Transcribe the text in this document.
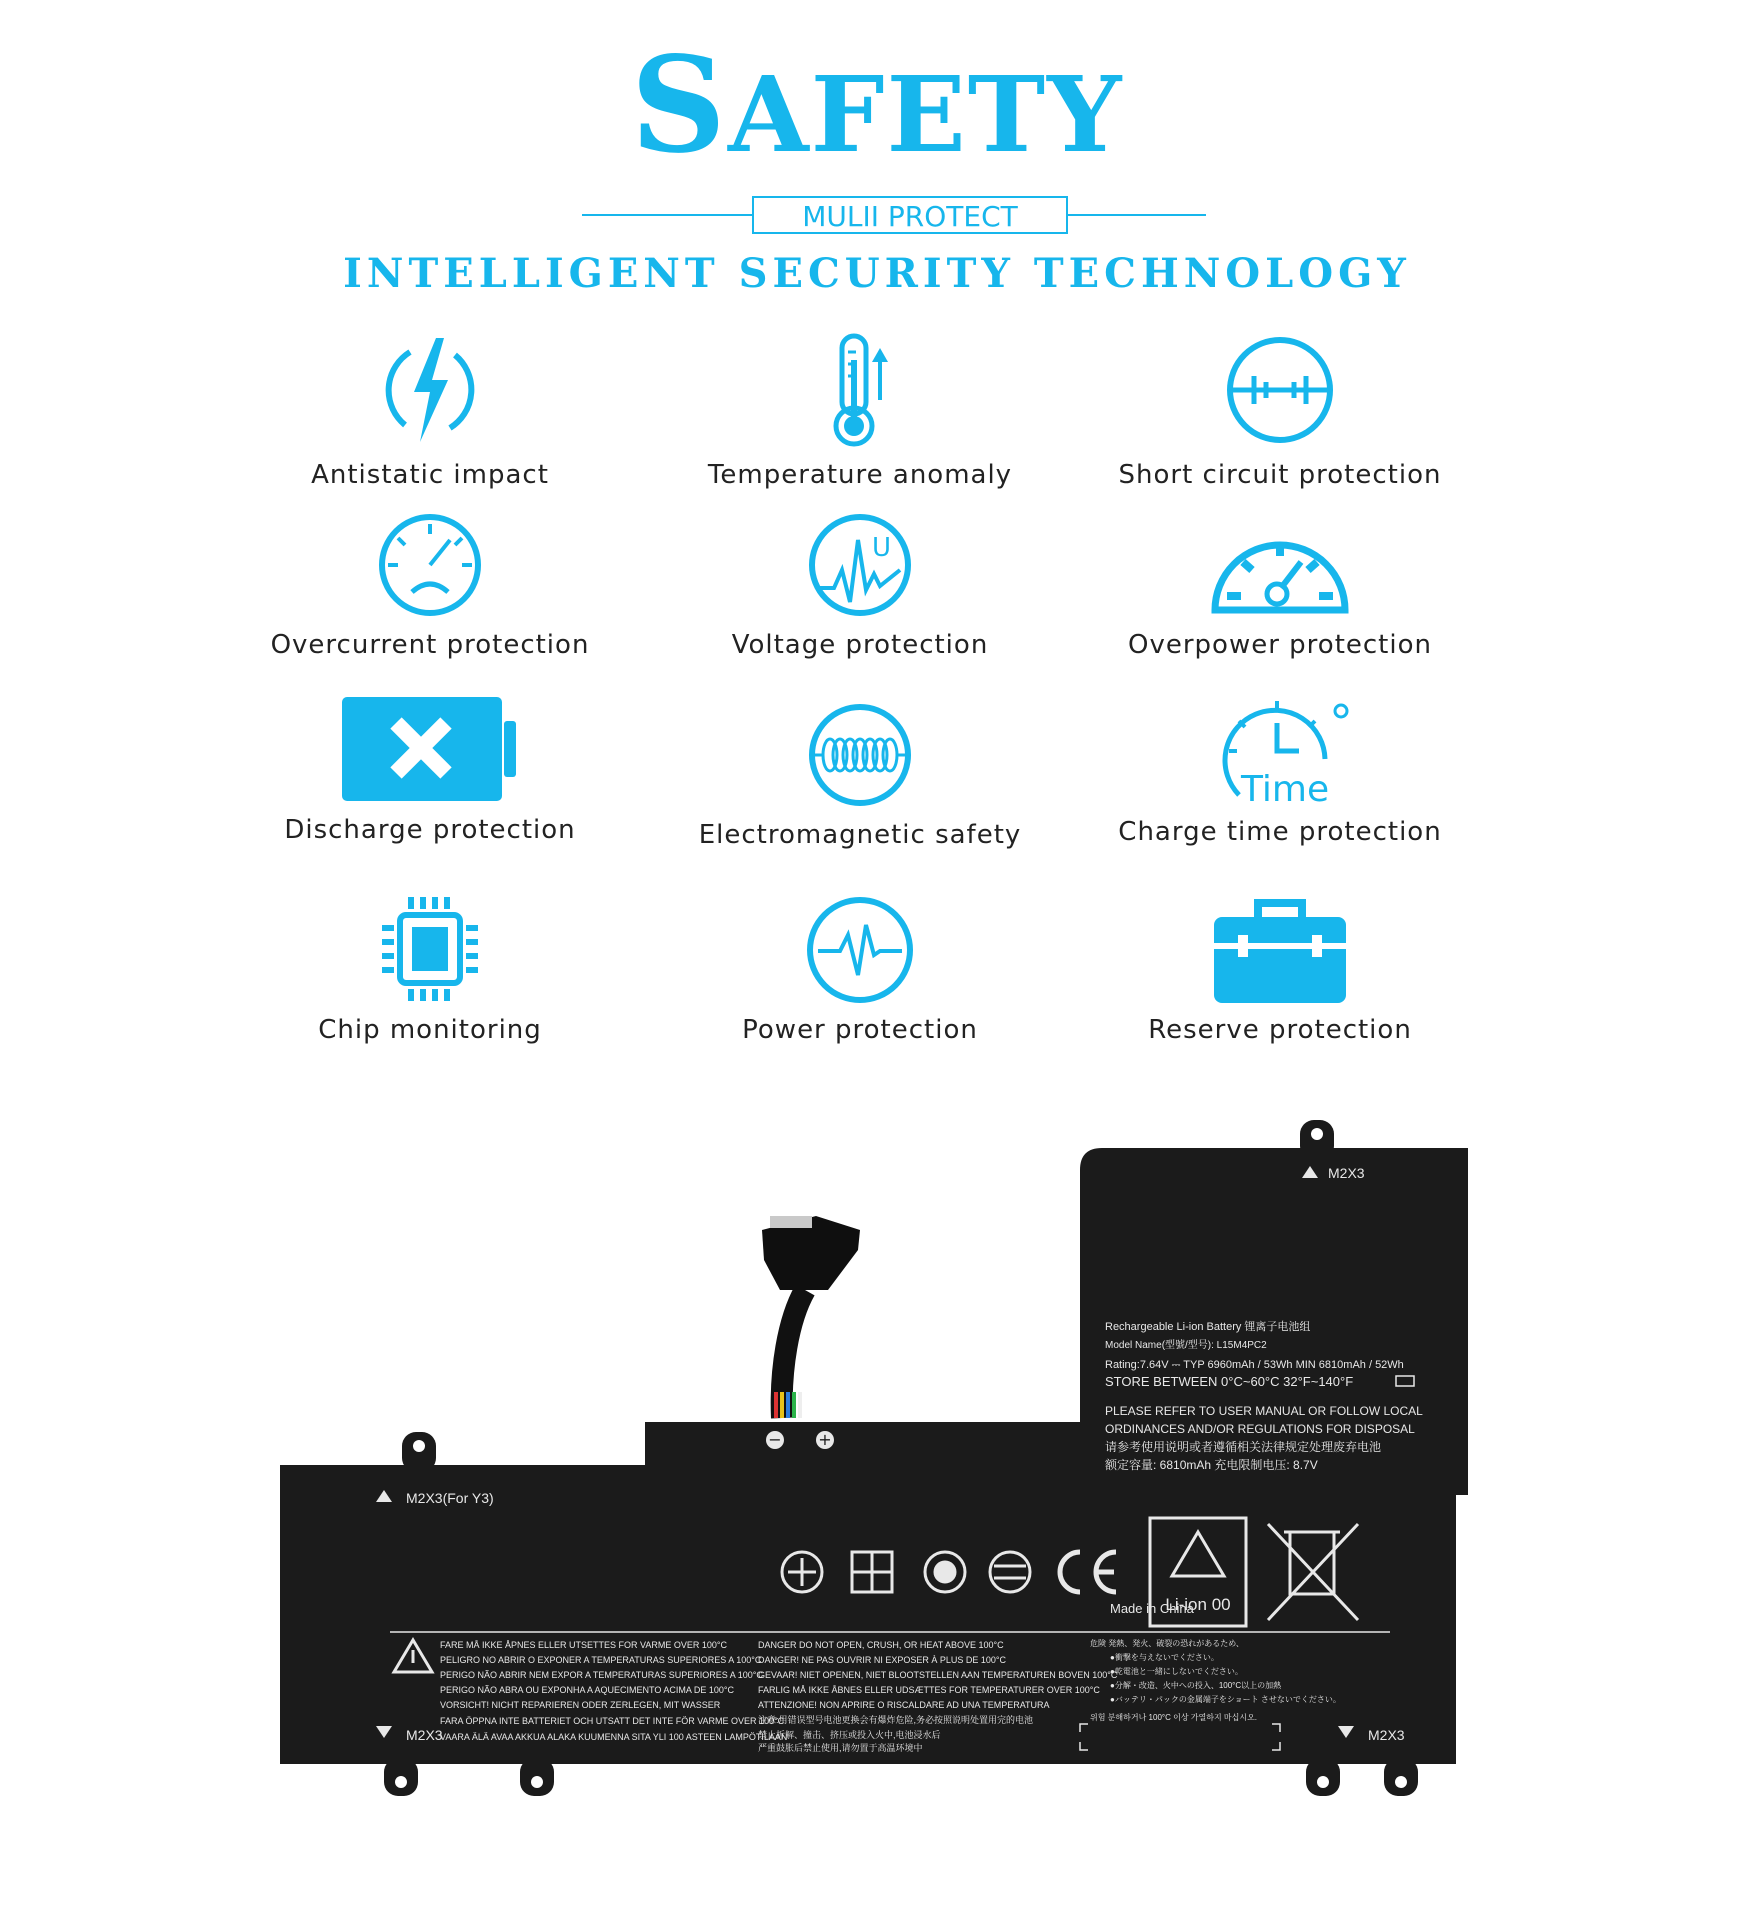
SAFETY
MULII PROTECT
INTELLIGENT SECURITY TECHNOLOGY
Antistatic impact	Temperature anomaly	Short circuit protection
Overcurrent protection
U
Voltage protection	Overpower protection
Discharge protection	Electromagnetic safety
Time
Charge time protection
Chip monitoring	Power protection	Reserve protection
− +
M2X3
M2X3(For Y3)
M2X3	M2X3
Rechargeable Li-ion Battery 锂离子电池组
Model Name(型號/型号): L15M4PC2
Rating:7.64V ⎓ TYP 6960mAh / 53Wh MIN 6810mAh / 52Wh
STORE BETWEEN 0°C~60°C 32°F~140°F
PLEASE REFER TO USER MANUAL OR FOLLOW LOCAL
ORDINANCES AND/OR REGULATIONS FOR DISPOSAL
请参考使用说明或者遵循相关法律规定处理废弃电池
额定容量: 6810mAh 充电限制电压: 8.7V
Made in China
Li-ion 00
FARE MÅ IKKE ÅPNES ELLER UTSETTES FOR VARME OVER 100°C
PELIGRO NO ABRIR O EXPONER A TEMPERATURAS SUPERIORES A 100°C
PERIGO NÃO ABRIR NEM EXPOR A TEMPERATURAS SUPERIORES A 100°C
PERIGO NÃO ABRA OU EXPONHA A AQUECIMENTO ACIMA DE 100°C
VORSICHT! NICHT REPARIEREN ODER ZERLEGEN, MIT WASSER
FARA ÖPPNA INTE BATTERIET OCH UTSATT DET INTE FÖR VARME OVER 100°C
VAARA ÄLÄ AVAA AKKUA ALAKA KUUMENNA SITA YLI 100 ASTEEN LAMPÖTILAAN
DANGER DO NOT OPEN, CRUSH, OR HEAT ABOVE 100°C
DANGER! NE PAS OUVRIR NI EXPOSER À PLUS DE 100°C
GEVAAR! NIET OPENEN, NIET BLOOTSTELLEN AAN TEMPERATUREN BOVEN 100°C
FARLIG MÅ IKKE ÅBNES ELLER UDSÆTTES FOR TEMPERATURER OVER 100°C
ATTENZIONE! NON APRIRE O RISCALDARE AD UNA TEMPERATURA
注意:用错误型号电池更换会有爆炸危险,务必按照说明处置用完的电池
禁止拆解、撞击、挤压或投入火中,电池浸水后
严重鼓胀后禁止使用,请勿置于高温环境中
危険 発熱、発火、破裂の恐れがあるため、
●衝撃を与えないでください。
●乾電池と一緒にしないでください。
●分解・改造、火中への投入、100°C以上の加熱
●バッテリ・パックの金属端子をショート させないでください。
위험 분해하거나 100°C 이상 가열하지 마십시오.
